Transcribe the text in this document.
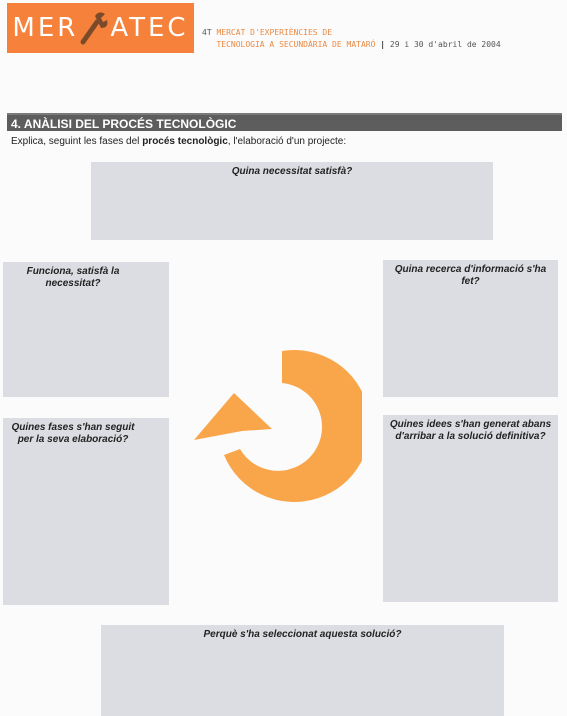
MER ATEC 4T MERCAT D'EXPERIÈNCIES DE
TECNOLOGIA A SECUNDÀRIA DE MATARÓ | 29 i 30 d'abril de 2004
4. ANÀLISI DEL PROCÉS TECNOLÒGIC
Explica, seguint les fases del procés tecnològic, l'elaboració d'un projecte:
Quina necessitat satisfà?
Funciona, satisfà la necessitat?
Quina recerca d'informació s'ha fet?
Quines fases s'han seguit per la seva elaboració?
Quines idees s'han generat abans d'arribar a la solució definitiva?
Perquè s'ha seleccionat aquesta solució?
